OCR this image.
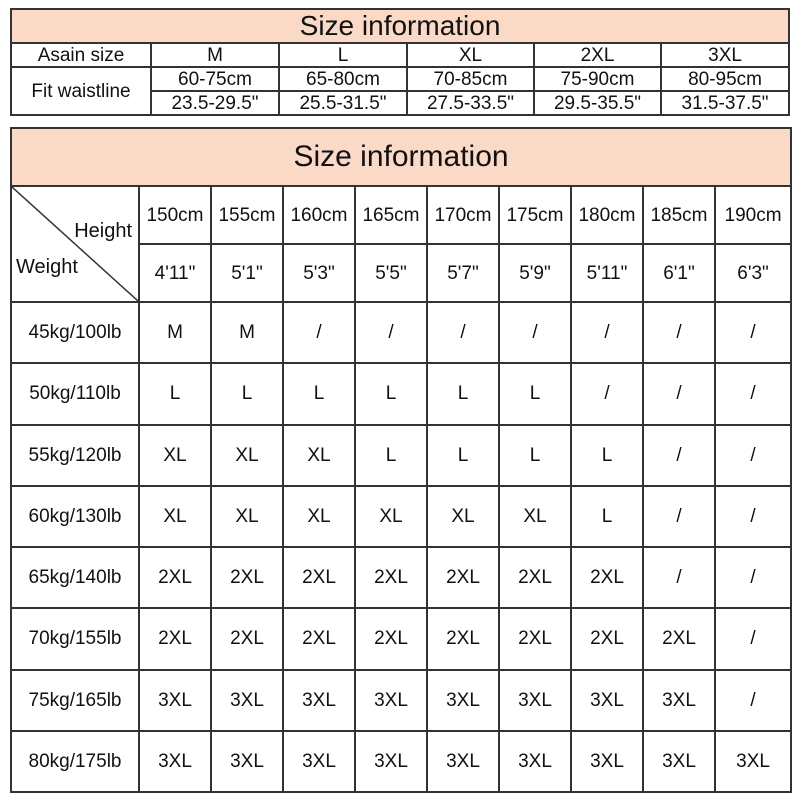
Size information					
Asain size	M	L	XL	2XL	3XL
Fit waistline	60-75cm	65-80cm	70-85cm	75-90cm	80-95cm
	23.5-29.5"	25.5-31.5"	27.5-33.5"	29.5-35.5"	31.5-37.5"
Size information									

Height
Weight	150cm	155cm	160cm	165cm	170cm	175cm	180cm	185cm	190cm
	4'11"	5'1"	5'3"	5'5"	5'7"	5'9"	5'11"	6'1"	6'3"
45kg/100lb	M	M	/	/	/	/	/	/	/
50kg/110lb	L	L	L	L	L	L	/	/	/
55kg/120lb	XL	XL	XL	L	L	L	L	/	/
60kg/130lb	XL	XL	XL	XL	XL	XL	L	/	/
65kg/140lb	2XL	2XL	2XL	2XL	2XL	2XL	2XL	/	/
70kg/155lb	2XL	2XL	2XL	2XL	2XL	2XL	2XL	2XL	/
75kg/165lb	3XL	3XL	3XL	3XL	3XL	3XL	3XL	3XL	/
80kg/175lb	3XL	3XL	3XL	3XL	3XL	3XL	3XL	3XL	3XL
